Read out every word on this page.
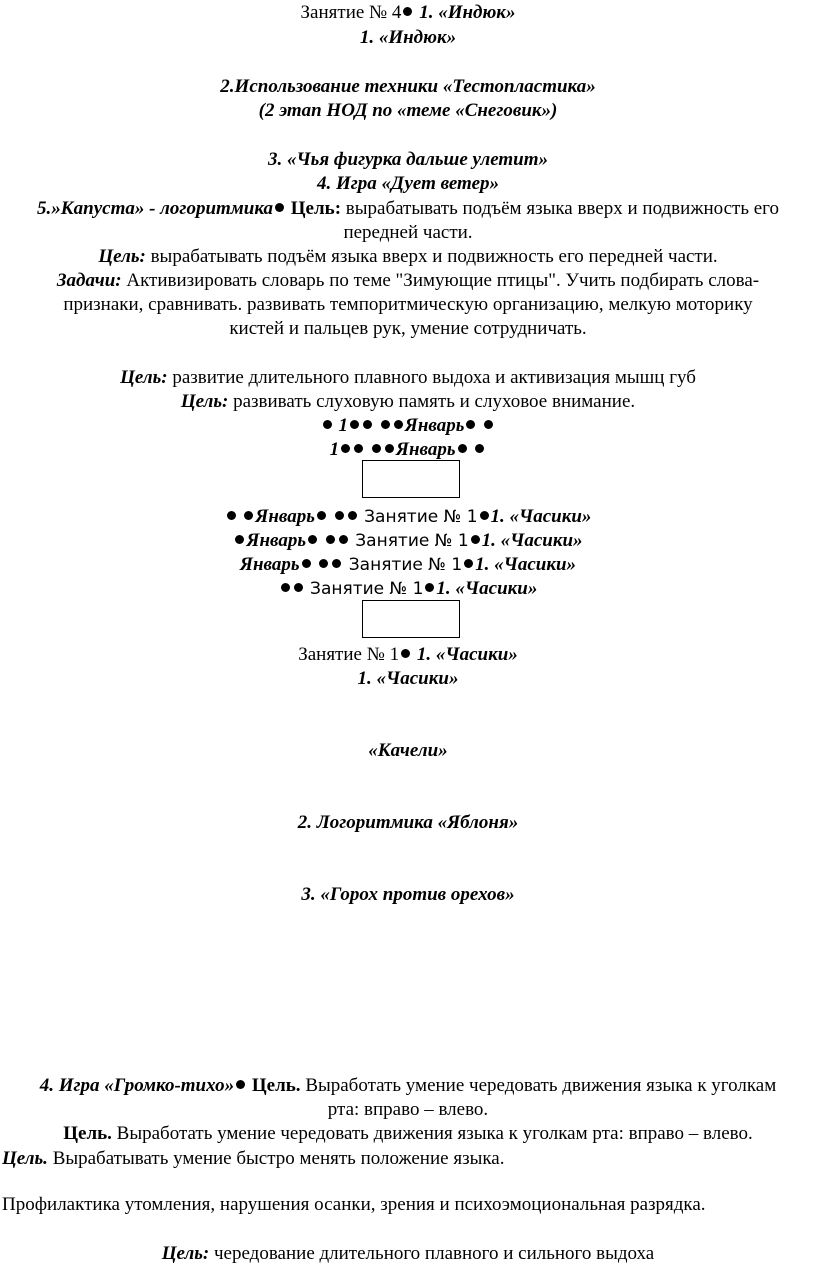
Занятие № 4 1. «Индюк»
1. «Индюк»
2.Использование техники «Тестопластика»
(2 этап НОД по «теме «Снеговик»)
3. «Чья фигурка дальше улетит»
4. Игра «Дует ветер»
5.»Капуста» - логоритмика Цель: вырабатывать подъём языка вверх и подвижность его
передней части.
Цель: вырабатывать подъём языка вверх и подвижность его передней части.
Задачи: Активизировать словарь по теме "Зимующие птицы". Учить подбирать слова-
признаки, сравнивать. развивать темпоритмическую организацию, мелкую моторику
кистей и пальцев рук, умение сотрудничать.
Цель: развитие длительного плавного выдоха и активизация мышц губ
Цель: развивать слуховую память и слуховое внимание.
1	Январь
1	Январь
Январь	Занятие № 1 1. «Часики»
Январь	Занятие № 1 1. «Часики»
Январь	Занятие № 1 1. «Часики»
Занятие № 1 1. «Часики»
Занятие № 1 1. «Часики»
1. «Часики»
«Качели»
2. Логоритмика «Яблоня»
3. «Горох против орехов»
4. Игра «Громко-тихо» Цель. Выработать умение чередовать движения языка к уголкам
рта: вправо – влево.
Цель. Выработать умение чередовать движения языка к уголкам рта: вправо – влево.
Цель. Вырабатывать умение быстро менять положение языка.
Профилактика утомления, нарушения осанки, зрения и психоэмоциональная разрядка.
Цель: чередование длительного плавного и сильного выдоха
